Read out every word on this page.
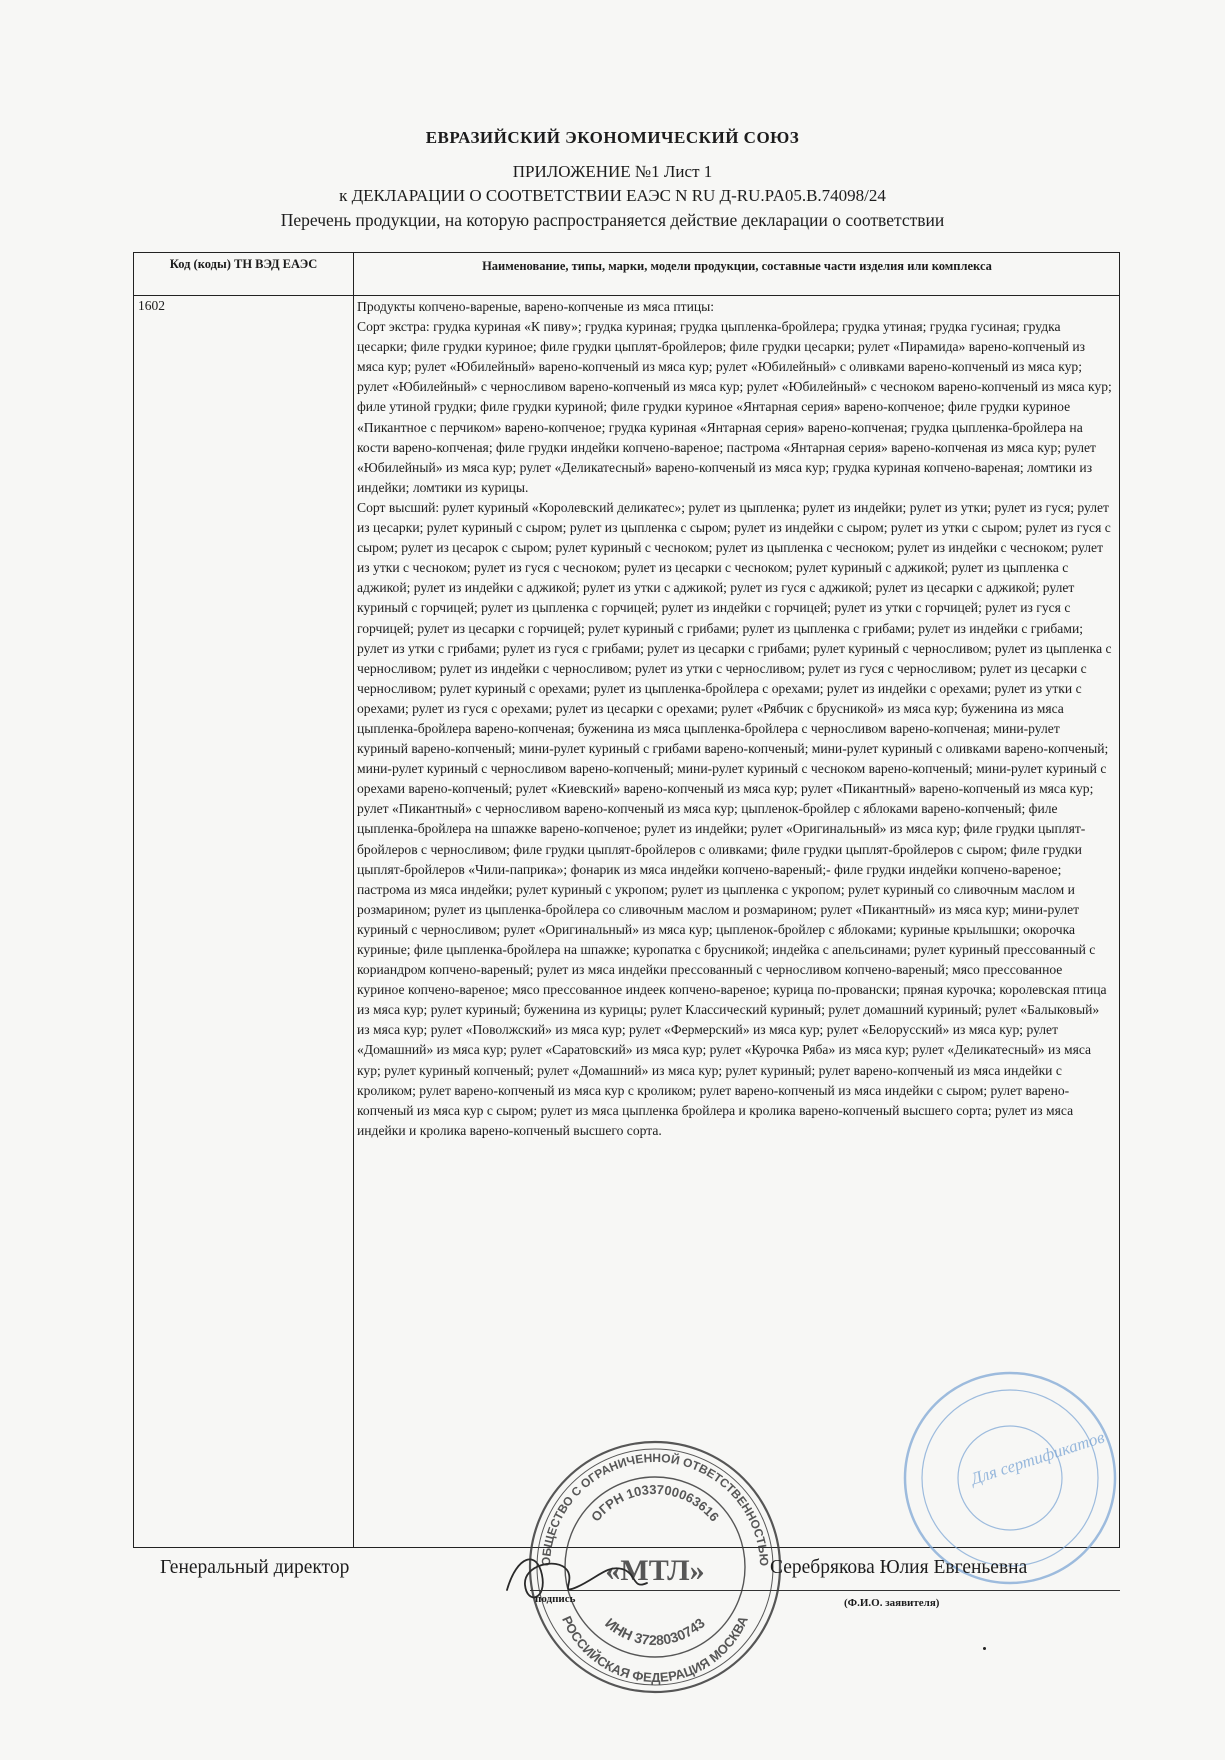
ЕВРАЗИЙСКИЙ ЭКОНОМИЧЕСКИЙ СОЮЗ
ПРИЛОЖЕНИЕ №1 Лист 1
к ДЕКЛАРАЦИИ О СООТВЕТСТВИИ ЕАЭС N RU Д-RU.PA05.B.74098/24
Перечень продукции, на которую распространяется действие декларации о соответствии
Код (коды) ТН ВЭД ЕАЭС	Наименование, типы, марки, модели продукции, составные части изделия или комплекса
1602	Продукты копчено-вареные, варено-копченые из мяса птицы:

Сорт экстра: грудка куриная «К пиву»; грудка куриная; грудка цыпленка-бройлера; грудка утиная; грудка гусиная; грудка цесарки; филе грудки куриное; филе грудки цыплят-бройлеров; филе грудки цесарки; рулет «Пирамида» варено-копченый из мяса кур; рулет «Юбилейный» варено-копченый из мяса кур; рулет «Юбилейный» с оливками варено-копченый из мяса кур; рулет «Юбилейный» с черносливом варено-копченый из мяса кур; рулет «Юбилейный» с чесноком варено-копченый из мяса кур; филе утиной грудки; филе грудки куриной; филе грудки куриное «Янтарная серия» варено-копченое; филе грудки куриное «Пикантное с перчиком» варено-копченое; грудка куриная «Янтарная серия» варено-копченая; грудка цыпленка-бройлера на кости варено-копченая; филе грудки индейки копчено-вареное; пастрома «Янтарная серия» варено-копченая из мяса кур; рулет «Юбилейный» из мяса кур; рулет «Деликатесный» варено-копченый из мяса кур; грудка куриная копчено-вареная; ломтики из индейки; ломтики из курицы.

Сорт высший: рулет куриный «Королевский деликатес»; рулет из цыпленка; рулет из индейки; рулет из утки; рулет из гуся; рулет из цесарки; рулет куриный с сыром; рулет из цыпленка с сыром; рулет из индейки с сыром; рулет из утки с сыром; рулет из гуся с сыром; рулет из цесарок с сыром; рулет куриный с чесноком; рулет из цыпленка с чесноком; рулет из индейки с чесноком; рулет из утки с чесноком; рулет из гуся с чесноком; рулет из цесарки с чесноком; рулет куриный с аджикой; рулет из цыпленка с аджикой; рулет из индейки с аджикой; рулет из утки с аджикой; рулет из гуся с аджикой; рулет из цесарки с аджикой; рулет куриный с горчицей; рулет из цыпленка с горчицей; рулет из индейки с горчицей; рулет из утки с горчицей; рулет из гуся с горчицей; рулет из цесарки с горчицей; рулет куриный с грибами; рулет из цыпленка с грибами; рулет из индейки с грибами; рулет из утки с грибами; рулет из гуся с грибами; рулет из цесарки с грибами; рулет куриный с черносливом; рулет из цыпленка с черносливом; рулет из индейки с черносливом; рулет из утки с черносливом; рулет из гуся с черносливом; рулет из цесарки с черносливом; рулет куриный с орехами; рулет из цыпленка-бройлера с орехами; рулет из индейки с орехами; рулет из утки с орехами; рулет из гуся с орехами; рулет из цесарки с орехами; рулет «Рябчик с брусникой» из мяса кур; буженина из мяса цыпленка-бройлера варено-копченая; буженина из мяса цыпленка-бройлера с черносливом варено-копченая; мини-рулет куриный варено-копченый; мини-рулет куриный с грибами варено-копченый; мини-рулет куриный с оливками варено-копченый; мини-рулет куриный с черносливом варено-копченый; мини-рулет куриный с чесноком варено-копченый; мини-рулет куриный с орехами варено-копченый; рулет «Киевский» варено-копченый из мяса кур; рулет «Пикантный» варено-копченый из мяса кур; рулет «Пикантный» с черносливом варено-копченый из мяса кур; цыпленок-бройлер с яблоками варено-копченый; филе цыпленка-бройлера на шпажке варено-копченое; рулет из индейки; рулет «Оригинальный» из мяса кур; филе грудки цыплят-бройлеров с черносливом; филе грудки цыплят-бройлеров с оливками; филе грудки цыплят-бройлеров с сыром; филе грудки цыплят-бройлеров «Чили-паприка»; фонарик из мяса индейки копчено-вареный;- филе грудки индейки копчено-вареное; пастрома из мяса индейки; рулет куриный с укропом; рулет из цыпленка с укропом; рулет куриный со сливочным маслом и розмарином; рулет из цыпленка-бройлера со сливочным маслом и розмарином; рулет «Пикантный» из мяса кур; мини-рулет куриный с черносливом; рулет «Оригинальный» из мяса кур; цыпленок-бройлер с яблоками; куриные крылышки; окорочка куриные; филе цыпленка-бройлера на шпажке; куропатка с брусникой; индейка с апельсинами; рулет куриный прессованный с кориандром копчено-вареный; рулет из мяса индейки прессованный с черносливом копчено-вареный; мясо прессованное куриное копчено-вареное; мясо прессованное индеек копчено-вареное; курица по-провански; пряная курочка; королевская птица из мяса кур; рулет куриный; буженина из курицы; рулет Классический куриный; рулет домашний куриный; рулет «Балыковый» из мяса кур; рулет «Поволжский» из мяса кур; рулет «Фермерский» из мяса кур; рулет «Белорусский» из мяса кур; рулет «Домашний» из мяса кур; рулет «Саратовский» из мяса кур; рулет «Курочка Ряба» из мяса кур; рулет «Деликатесный» из мяса кур; рулет куриный копченый; рулет «Домашний» из мяса кур; рулет куриный; рулет варено-копченый из мяса индейки с кроликом; рулет варено-копченый из мяса кур с кроликом; рулет варено-копченый из мяса индейки с сыром; рулет варено-копченый из мяса кур с сыром; рулет из мяса цыпленка бройлера и кролика варено-копченый высшего сорта; рулет из мяса индейки и кролика варено-копченый высшего сорта.

Для сертификатов
ОБЩЕСТВО С ОГРАНИЧЕННОЙ ОТВЕТСТВЕННОСТЬЮ
РОССИЙСКАЯ ФЕДЕРАЦИЯ МОСКВА
ОГРН 1033700063616
ИНН 3728030743
«МТЛ»
Генеральный директор	Серебрякова Юлия Евгеньевна
подпись	(Ф.И.О. заявителя)
